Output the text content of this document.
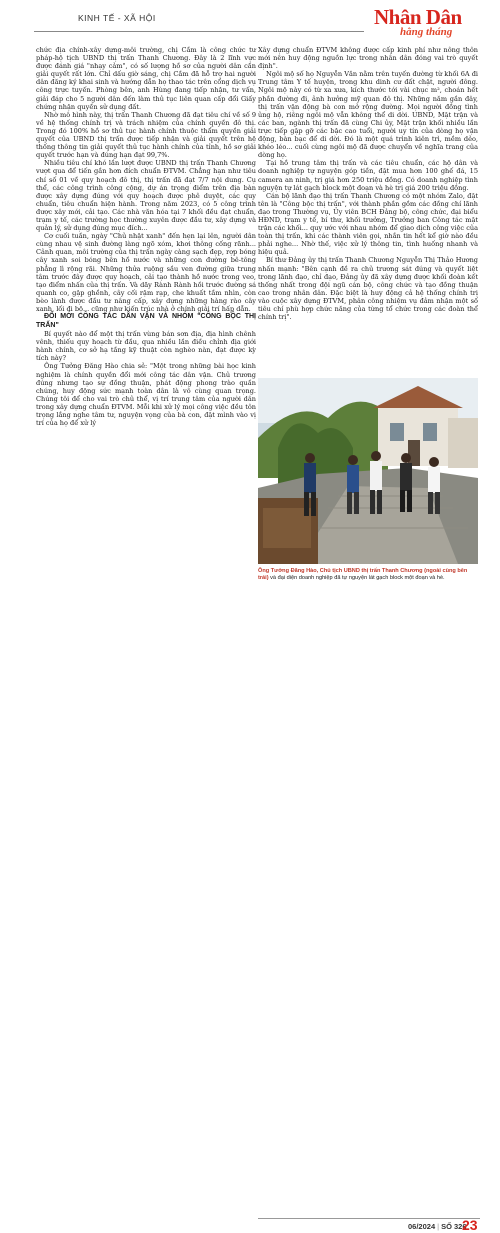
KINH TẾ - XÃ HỘI	Nhân Dân
hằng tháng

chức địa chính-xây dựng-môi trường, chị Cầm là công chức tư pháp-hộ tịch UBND thị trấn Thanh Chương. Đây là 2 lĩnh vực được đánh giá "nhạy cảm", có số lượng hồ sơ của người dân cần giải quyết rất lớn. Chỉ dấu giờ sáng, chị Cầm đã hỗ trợ hai người dân đăng ký khai sinh và hướng dẫn họ thao tác trên cổng dịch vụ công trực tuyến. Phòng bên, anh Hùng đang tiếp nhận, tư vấn, giải đáp cho 5 người dân đến làm thủ tục liên quan cấp đổi Giấy chứng nhận quyền sử dụng đất.

Nhờ mô hình này, thị trấn Thanh Chương đã đạt tiêu chí về số 9 về hệ thống chính trị và trách nhiệm của chính quyền đô thị. Trong đó 100% hồ sơ thủ tục hành chính thuộc thẩm quyền giải quyết của UBND thị trấn được tiếp nhận và giải quyết trên hệ thống thông tin giải quyết thủ tục hành chính của tỉnh, hồ sơ giải quyết trước hạn và đúng hạn đạt 99,7%.

Nhiều tiêu chí khó lần lượt được UBND thị trấn Thanh Chương vượt qua để tiến gần hơn đích chuẩn ĐTVM. Chẳng hạn như tiêu chí số 01 về quy hoạch đô thị, thị trấn đã đạt 7/7 nội dung. Cụ thể, các công trình công cộng, dự án trọng điểm trên địa bàn được xây dựng đúng với quy hoạch được phê duyệt, các quy chuẩn, tiêu chuẩn hiện hành. Trong năm 2023, có 5 công trình được xây mới, cải tạo. Các nhà văn hóa tại 7 khối đều đạt chuẩn, trạm y tế, các trường học thường xuyên được đầu tư, xây dựng và quản lý, sử dụng đúng mục đích...

Cơ cuối tuần, ngày "Chủ nhật xanh" đến hẹn lại lên, người dân cùng nhau vệ sinh đường làng ngõ xóm, khơi thông cống rãnh... Cảnh quan, môi trường của thị trấn ngày càng sạch đẹp, rợp bóng cây xanh soi bóng bên hồ nước và những con đường bê-tông phẳng lì rộng rãi. Những thửa ruộng sầu ven đường giữa trung tâm trước đây được quy hoạch, cải tạo thành hồ nước trong veo, tạo điểm nhấn của thị trấn. Và dãy Rành Rành hồi trước đường sá quanh co, gập ghềnh, cây cối rậm rạp, che khuất tầm nhìn, còn bèo lành được đầu tư nâng cấp, xây dựng những hàng rào cây xanh, lối đi bộ... cũng như kiến trúc nhà ở chính giải trí hấp dẫn.

ĐỔI MỚI CÔNG TÁC DÂN VẬN VÀ NHÓM "CÔNG BỘC THỊ TRẤN"

Bí quyết nào để một thị trấn vùng bán sơn địa, địa hình chênh vênh, thiếu quy hoạch từ đầu, qua nhiều lần điều chỉnh địa giới hành chính, cơ sở hạ tầng kỹ thuật còn nghèo nàn, đạt được kỳ tích này?

Ông Tưởng Đăng Hào chia sẻ: "Một trong những bài học kinh nghiệm là chính quyền đổi mới công tác dân vận. Chủ trương đúng nhưng tạo sự đồng thuận, phát động phong trào quần chúng, huy động sức mạnh toàn dân là vô cùng quan trọng. Chúng tôi để cho vai trò chủ thể, vị trí trung tâm của người dân trong xây dựng chuẩn ĐTVM. Mỗi khi xử lý mọi công việc đều tôn trọng lắng nghe tâm tư, nguyện vọng của bà con, đặt mình vào vị trí của họ để xử lý

Xây dựng chuẩn ĐTVM không được cấp kinh phí như nông thôn mới nên huy động nguồn lực trong nhân dân đóng vai trò quyết định".

Ngôi mộ số họ Nguyễn Văn nằm trên tuyến đường từ khối 6A đi Trung tâm Y tế huyện, trong khu dinh cư đất chật, người đông. Ngôi mộ này có từ xa xưa, kích thước tới vài chục m², choán hết phần đường đi, ảnh hưởng mỹ quan đô thị. Những năm gần đây, thị trấn vận động bà con mở rộng đường. Mọi người đồng tình ủng hộ, riêng ngôi mộ vẫn không thể di dời. UBND, Mặt trận và các ban, ngành thị trấn đã cùng Chi ủy, Mặt trận khối nhiều lần trực tiếp gặp gỡ các bậc cao tuổi, người uy tín của dòng họ vận động, bàn bạc để di dời. Đó là một quá trình kiên trì, mềm dẻo, khéo léo... cuối cùng ngôi mộ đã được chuyển về nghĩa trang của dòng họ.

Tại hồ trung tâm thị trấn và các tiêu chuẩn, các hộ dân và doanh nghiệp tự nguyện góp tiền, đặt mua hơn 100 ghế đá, 15 camera an ninh, trị giá hơn 250 triệu đồng. Có doanh nghiệp tình nguyện tự lát gạch block một đoạn và hè trị giá 200 triệu đồng.

Cán bộ lãnh đạo thị trấn Thanh Chương có một nhóm Zalo, đặt tên là "Công bộc thị trấn", với thành phần gồm các đồng chí lãnh đạo trong Thường vụ, Ủy viên BCH Đảng bộ, công chức, đại biểu HĐND, trạm y tế, bí thư, khối trưởng, Trưởng ban Công tác mặt trận các khối... quy ước với nhau nhóm để giao dịch công việc của toàn thị trấn, khi các thành viên gọi, nhắn tin hết kể giờ nào đều phải nghe... Nhờ thế, việc xử lý thông tin, tình huống nhanh và hiệu quả.

Bí thư Đảng ủy thị trấn Thanh Chương Nguyễn Thị Thảo Hương nhấn mạnh: "Bên cạnh đề ra chủ trương sát đúng và quyết liệt trong lãnh đạo, chỉ đạo, Đảng ủy đã xây dựng được khối đoàn kết thống nhất trong đội ngũ cán bộ, công chức và tạo đồng thuận cao trong nhân dân. Đặc biệt là huy động cả hệ thống chính trị vào cuộc xây dựng ĐTVM, phân công nhiệm vụ đảm nhận một số tiêu chí phù hợp chức năng của từng tổ chức trong các đoàn thể chính trị".

Ông Tưởng Đăng Hào, Chủ tịch UBND thị trấn Thanh Chương (ngoài cùng bên trái) và đại diện doanh nghiệp đã tự nguyện lát gạch block một đoạn và hè.
06/2024 | SỐ 326
23
